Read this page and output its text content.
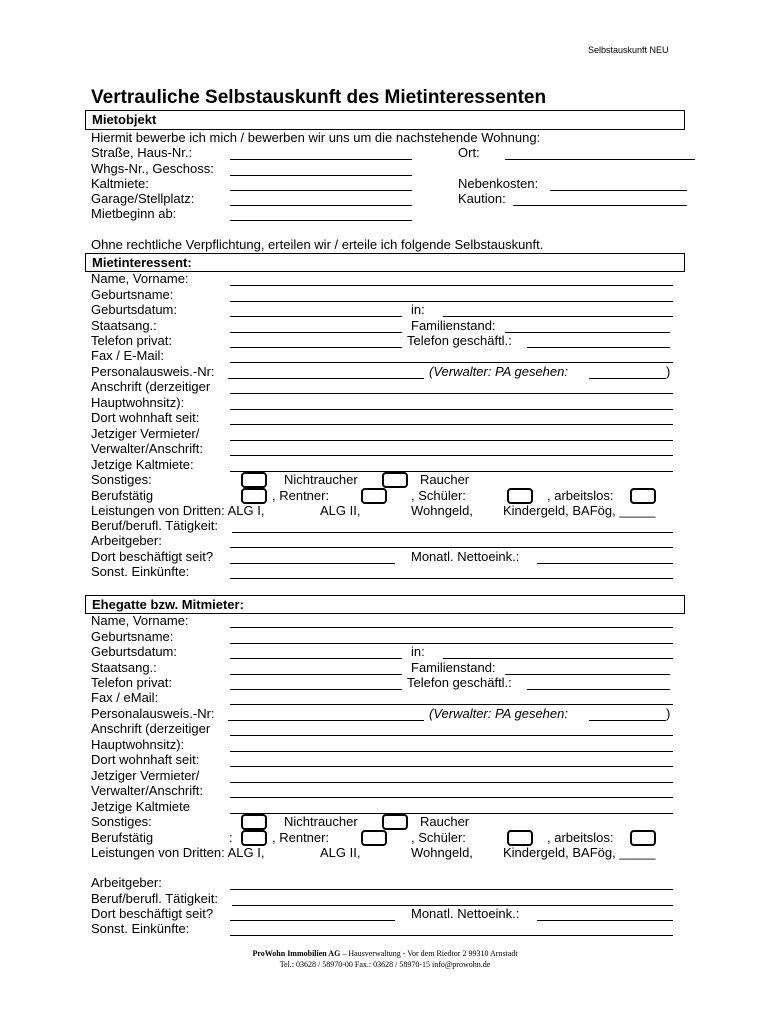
Selbstauskunft NEU
Vertrauliche Selbstauskunft des Mietinteressenten
Mietobjekt
Hiermit bewerbe ich mich / bewerben wir uns um die nachstehende Wohnung:
Straße, Haus-Nr.:	Ort:
Whgs-Nr., Geschoss:
Kaltmiete:	Nebenkosten:
Garage/Stellplatz:	Kaution:
Mietbeginn ab:
Ohne rechtliche Verpflichtung, erteilen wir / erteile ich folgende Selbstauskunft.
Mietinteressent:
Name, Vorname:
Geburtsname:
Geburtsdatum:	in:
Staatsang.:	Familienstand:
Telefon privat:	Telefon geschäftl.:
Fax / E-Mail:
Personalausweis.-Nr:	(Verwalter: PA gesehen:	)
Anschrift (derzeitiger
Hauptwohnsitz):
Dort wohnhaft seit:
Jetziger Vermieter/
Verwalter/Anschrift:
Jetzige Kaltmiete:
Sonstiges:	Nichtraucher	Raucher
Berufstätig	, Rentner:	, Schüler:	, arbeitslos:
Leistungen von Dritten: ALG I,	ALG II,	Wohngeld, Kindergeld, BAFög, _____
Beruf/berufl. Tätigkeit:
Arbeitgeber:
Dort beschäftigt seit?	Monatl. Nettoeink.:
Sonst. Einkünfte:
Ehegatte bzw. Mitmieter:
Name, Vorname:
Geburtsname:
Geburtsdatum:	in:
Staatsang.:	Familienstand:
Telefon privat:	Telefon geschäftl.:
Fax / eMail:
Personalausweis.-Nr:	(Verwalter: PA gesehen:	)
Anschrift (derzeitiger
Hauptwohnsitz):
Dort wohnhaft seit:
Jetziger Vermieter/
Verwalter/Anschrift:
Jetzige Kaltmiete
Sonstiges:	Nichtraucher	Raucher
Berufstätig	:	, Rentner:	, Schüler:	, arbeitslos:
Leistungen von Dritten: ALG I,	ALG II,	Wohngeld, Kindergeld, BAFög, _____
Arbeitgeber:
Beruf/berufl. Tätigkeit:
Dort beschäftigt seit?	Monatl. Nettoeink.:
Sonst. Einkünfte:
ProWohn Immobilien AG – Hausverwaltung - Vor dem Riedtor 2 99310 Arnstadt
Tel.: 03628 / 58970-00 Fax.: 03628 / 58970-15 info@prowohn.de
